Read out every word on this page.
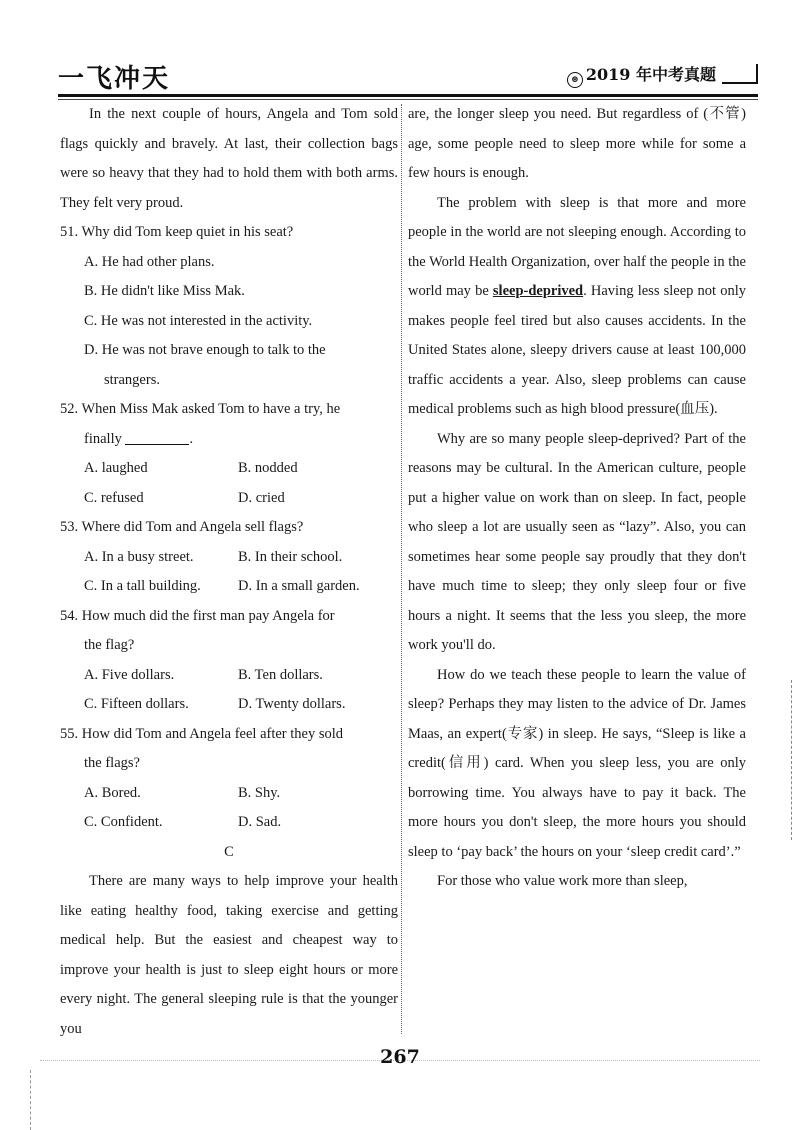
一飞冲天	⊛ 2019 年中考真题

In the next couple of hours, Angela and Tom sold flags quickly and bravely. At last, their collection bags were so heavy that they had to hold them with both arms. They felt very proud.

51. Why did Tom keep quiet in his seat?

A. He had other plans.

B. He didn't like Miss Mak.

C. He was not interested in the activity.

D. He was not brave enough to talk to the

strangers.

52. When Miss Mak asked Tom to have a try, he

finally	.

A. laughed	B. nodded

C. refused	D. cried

53. Where did Tom and Angela sell flags?

A. In a busy street.	B. In their school.

C. In a tall building.	D. In a small garden.

54. How much did the first man pay Angela for

the flag?

A. Five dollars.	B. Ten dollars.

C. Fifteen dollars.	D. Twenty dollars.

55. How did Tom and Angela feel after they sold

the flags?

A. Bored.	B. Shy.

C. Confident.	D. Sad.

C

There are many ways to help improve your health like eating healthy food, taking exercise and getting medical help. But the easiest and cheapest way to improve your health is just to sleep eight hours or more every night. The general sleeping rule is that the younger you

are, the longer sleep you need. But regardless of (不管) age, some people need to sleep more while for some a few hours is enough.

The problem with sleep is that more and more people in the world are not sleeping enough. According to the World Health Organization, over half the people in the world may be sleep-deprived. Having less sleep not only makes people feel tired but also causes accidents. In the United States alone, sleepy drivers cause at least 100,000 traffic accidents a year. Also, sleep problems can cause medical problems such as high blood pressure(血压).

Why are so many people sleep-deprived? Part of the reasons may be cultural. In the American culture, people put a higher value on work than on sleep. In fact, people who sleep a lot are usually seen as “lazy”. Also, you can sometimes hear some people say proudly that they don't have much time to sleep; they only sleep four or five hours a night. It seems that the less you sleep, the more work you'll do.

How do we teach these people to learn the value of sleep? Perhaps they may listen to the advice of Dr. James Maas, an expert(专家) in sleep. He says, “Sleep is like a credit(信用) card. When you sleep less, you are only borrowing time. You always have to pay it back. The more hours you don't sleep, the more hours you should sleep to ‘pay back’ the hours on your ‘sleep credit card’.”

For those who value work more than sleep,

267
